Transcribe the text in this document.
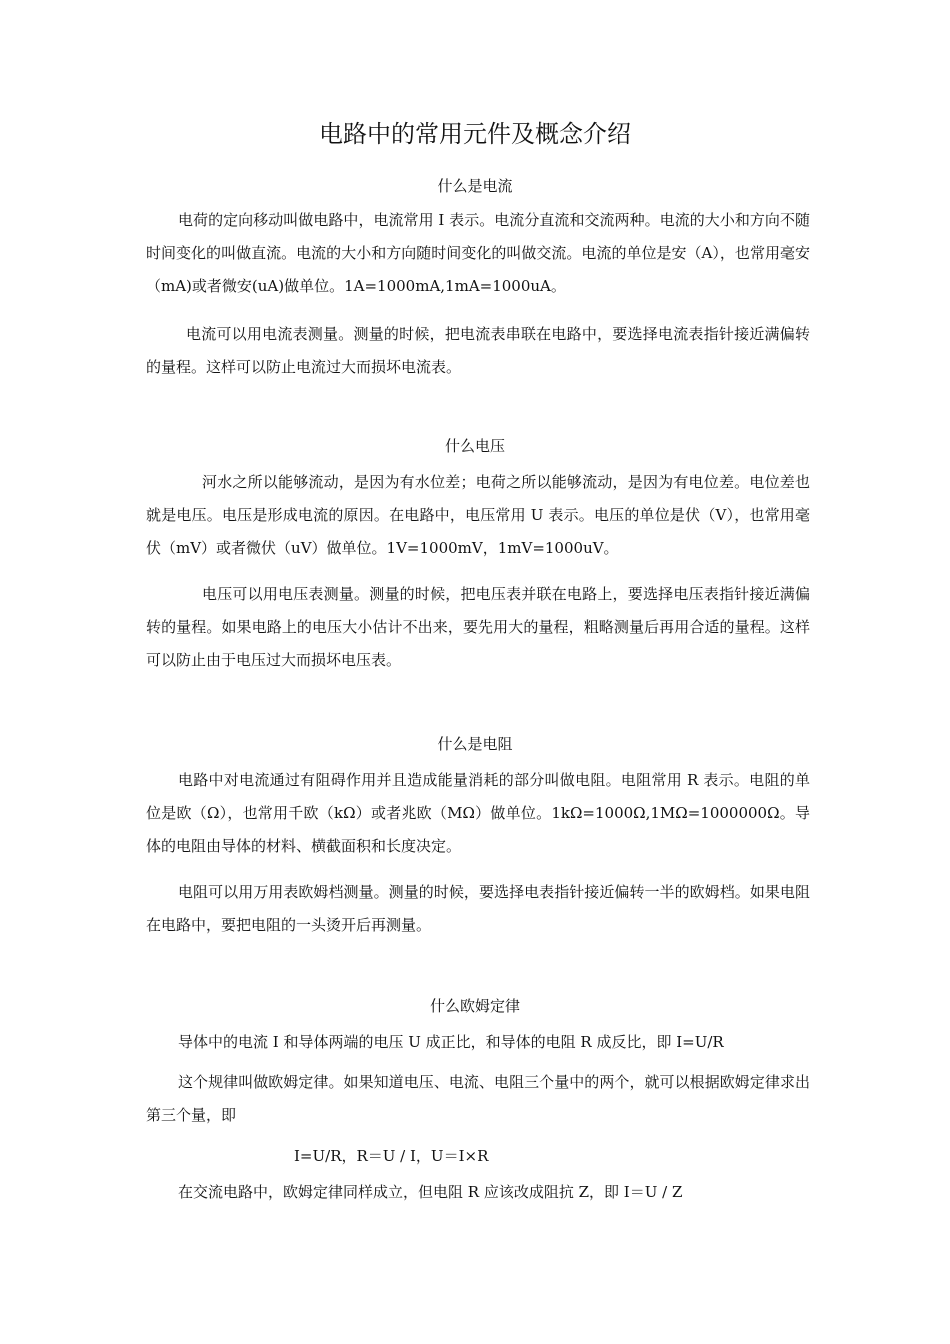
电路中的常用元件及概念介绍
什么是电流

电荷的定向移动叫做电路中，电流常用 I 表示。电流分直流和交流两种。电流的大小和方向不随时间变化的叫做直流。电流的大小和方向随时间变化的叫做交流。电流的单位是安（A），也常用毫安（mA)或者微安(uA)做单位。1A=1000mA,1mA=1000uA。

电流可以用电流表测量。测量的时候，把电流表串联在电路中，要选择电流表指针接近满偏转的量程。这样可以防止电流过大而损坏电流表。

什么电压

河水之所以能够流动，是因为有水位差；电荷之所以能够流动，是因为有电位差。电位差也就是电压。电压是形成电流的原因。在电路中，电压常用 U 表示。电压的单位是伏（V），也常用毫伏（mV）或者微伏（uV）做单位。1V=1000mV，1mV=1000uV。

电压可以用电压表测量。测量的时候，把电压表并联在电路上，要选择电压表指针接近满偏转的量程。如果电路上的电压大小估计不出来，要先用大的量程，粗略测量后再用合适的量程。这样可以防止由于电压过大而损坏电压表。

什么是电阻

电路中对电流通过有阻碍作用并且造成能量消耗的部分叫做电阻。电阻常用 R 表示。电阻的单位是欧（Ω），也常用千欧（kΩ）或者兆欧（MΩ）做单位。1kΩ=1000Ω,1MΩ=1000000Ω。导体的电阻由导体的材料、横截面积和长度决定。

电阻可以用万用表欧姆档测量。测量的时候，要选择电表指针接近偏转一半的欧姆档。如果电阻在电路中，要把电阻的一头烫开后再测量。

什么欧姆定律

导体中的电流 I 和导体两端的电压 U 成正比，和导体的电阻 R 成反比，即 I=U/R

这个规律叫做欧姆定律。如果知道电压、电流、电阻三个量中的两个，就可以根据欧姆定律求出第三个量，即

I=U/R，R＝U / I，U＝I×R

在交流电路中，欧姆定律同样成立，但电阻 R 应该改成阻抗 Z，即 I＝U / Z
